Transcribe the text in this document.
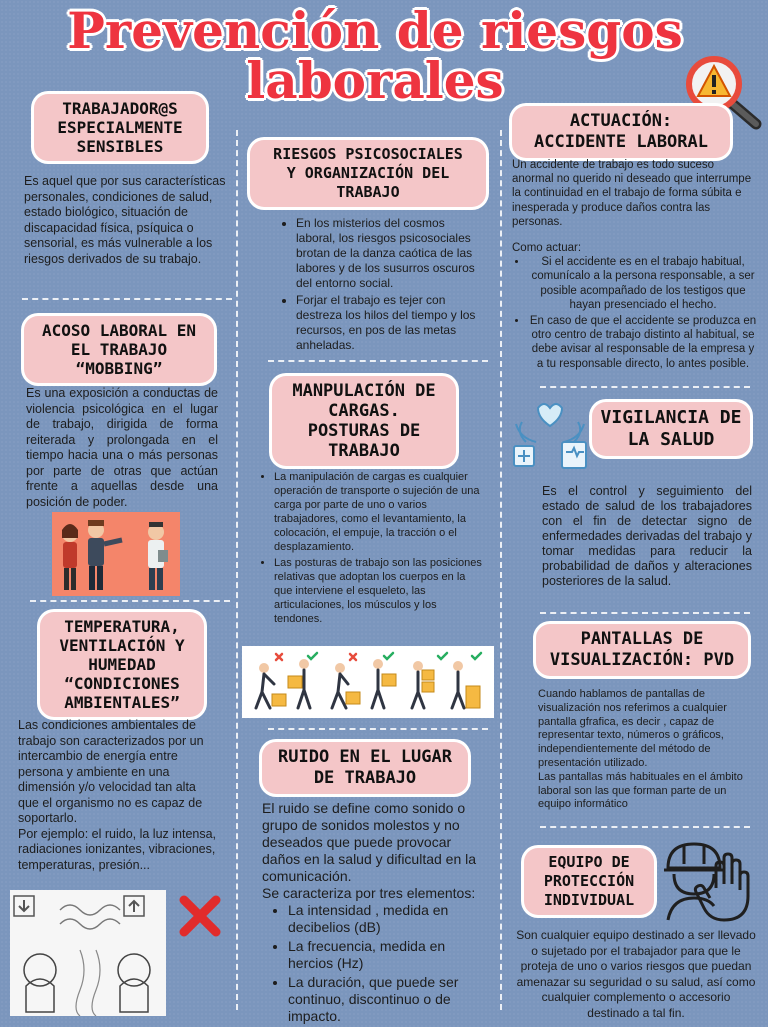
Prevención de riesgos
laborales
TRABAJADOR@S
ESPECIALMENTE
SENSIBLES
Es aquel que por sus características personales, condiciones de salud, estado biológico, situación de discapacidad física, psíquica o sensorial, es más vulnerable a los riesgos derivados de su trabajo.
ACOSO LABORAL EN
EL TRABAJO
“MOBBING”
Es una exposición a conductas de violencia psicológica en el lugar de trabajo, dirigida de forma reiterada y prolongada en el tiempo hacia una o más personas por parte de otras que actúan frente a aquellas desde una posición de poder.
TEMPERATURA,
VENTILACIÓN Y
HUMEDAD
“CONDICIONES
AMBIENTALES”
Las condiciones ambientales de trabajo son caracterizados por un intercambio de energía entre persona y ambiente en una dimensión y/o velocidad tan alta que el organismo no es capaz de soportarlo.
Por ejemplo: el ruido, la luz intensa, radiaciones ionizantes, vibraciones, temperaturas, presión...
RIESGOS PSICOSOCIALES
Y ORGANIZACIÓN DEL
TRABAJO
• En los misterios del cosmos laboral, los riesgos psicosociales brotan de la danza caótica de las labores y de los susurros oscuros del entorno social.
• Forjar el trabajo es tejer con destreza los hilos del tiempo y los recursos, en pos de las metas anheladas.
MANPULACIÓN DE
CARGAS.
POSTURAS DE
TRABAJO
• La manipulación de cargas es cualquier operación de transporte o sujeción de una carga por parte de uno o varios trabajadores, como el levantamiento, la colocación, el empuje, la tracción o el desplazamiento.
• Las posturas de trabajo son las posiciones relativas que adoptan los cuerpos en la que interviene el esqueleto, las articulaciones, los músculos y los tendones.
RUIDO EN EL LUGAR
DE TRABAJO
El ruido se define como sonido o grupo de sonidos molestos y no deseados que puede provocar daños en la salud y dificultad en la comunicación.
Se caracteriza por tres elementos:
• La intensidad , medida en decibelios (dB)
• La frecuencia, medida en hercios (Hz)
• La duración, que puede ser continuo, discontinuo o de impacto.
ACTUACIÓN:
ACCIDENTE LABORAL
Un accidente de trabajo es todo suceso anormal no querido ni deseado que interrumpe la continuidad en el trabajo de forma súbita e inesperada y produce daños contra las personas.
Como actuar:
• Si el accidente es en el trabajo habitual, comunícalo a la persona responsable, a ser posible acompañado de los testigos que hayan presenciado el hecho.
• En caso de que el accidente se produzca en otro centro de trabajo distinto al habitual, se debe avisar al responsable de la empresa y a tu responsable directo, lo antes posible.
VIGILANCIA DE
LA SALUD
Es el control y seguimiento del estado de salud de los trabajadores con el fin de detectar signo de enfermedades derivadas del trabajo y tomar medidas para reducir la probabilidad de daños y alteraciones posteriores de la salud.
PANTALLAS DE
VISUALIZACIÓN: PVD
Cuando hablamos de pantallas de visualización nos referimos a cualquier pantalla gfrafica, es decir , capaz de representar texto, números o gráficos, independientemente del método de presentación utilizado.
Las pantallas más habituales en el ámbito laboral son las que forman parte de un equipo informático
EQUIPO DE
PROTECCIÓN
INDIVIDUAL
Son cualquier equipo destinado a ser llevado o sujetado por el trabajador para que le proteja de uno o varios riesgos que puedan amenazar su seguridad o su salud, así como cualquier complemento o accesorio destinado a tal fin.
